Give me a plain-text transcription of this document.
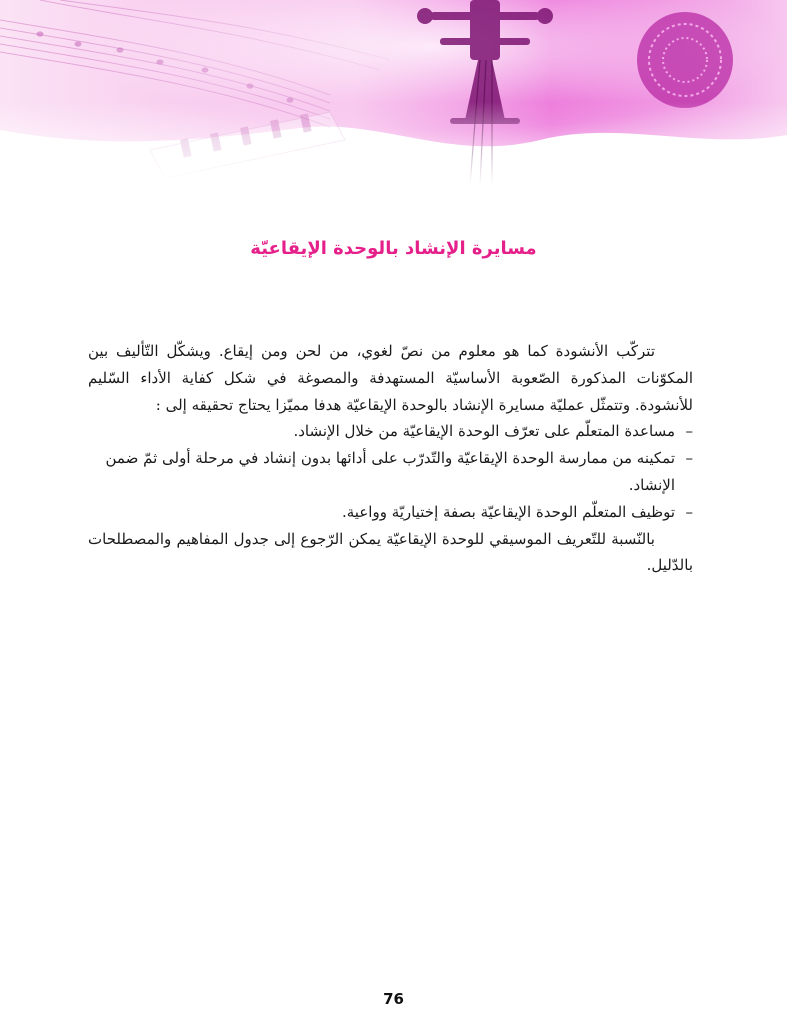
مسايرة الإنشاد بالوحدة الإيقاعيّة

تتركّب الأنشودة كما هو معلوم من نصّ لغوي، من لحن ومن إيقاع. ويشكّل التّأليف بين المكوّنات المذكورة الصّعوبة الأساسيّة المستهدفة والمصوغة في شكل كفاية الأداء السّليم للأنشودة. وتتمثّل عمليّة مسايرة الإنشاد بالوحدة الإيقاعيّة هدفا مميّزا يحتاج تحقيقه إلى :

–
مساعدة المتعلّم على تعرّف الوحدة الإيقاعيّة من خلال الإنشاد.
–
تمكينه من ممارسة الوحدة الإيقاعيّة والتّدرّب على أدائها بدون إنشاد في مرحلة أولى ثمّ ضمن الإنشاد.
–
توظيف المتعلّم الوحدة الإيقاعيّة بصفة إختياريّة وواعية.

بالنّسبة للتّعريف الموسيقي للوحدة الإيقاعيّة يمكن الرّجوع إلى جدول المفاهيم والمصطلحات بالدّليل.

76
